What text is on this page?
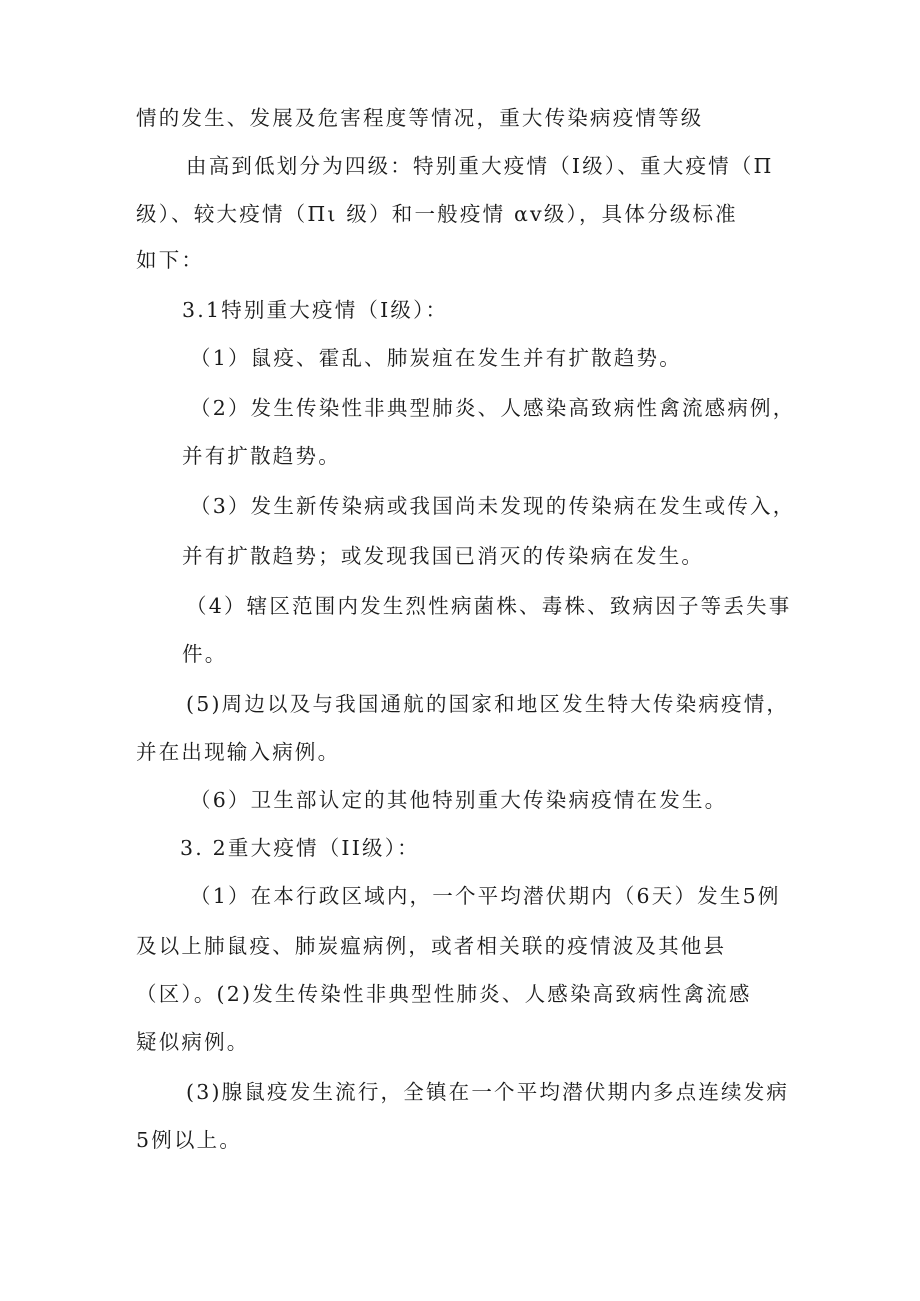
情的发生、发展及危害程度等情况，重大传染病疫情等级
由高到低划分为四级：特别重大疫情（Ⅰ级）、重大疫情（Π
级）、较大疫情（Πι 级）和一般疫情 αv级），具体分级标准
如下：
3.1特别重大疫情（Ⅰ级）：
（1）鼠疫、霍乱、肺炭疽在发生并有扩散趋势。
（2）发生传染性非典型肺炎、人感染高致病性禽流感病例，
并有扩散趋势。
（3）发生新传染病或我国尚未发现的传染病在发生或传入，
并有扩散趋势；或发现我国已消灭的传染病在发生。
（4）辖区范围内发生烈性病菌株、毒株、致病因子等丢失事
件。
(5)周边以及与我国通航的国家和地区发生特大传染病疫情，
并在出现输入病例。
（6）卫生部认定的其他特别重大传染病疫情在发生。
3. 2重大疫情（II级）：
（1）在本行政区域内，一个平均潜伏期内（6天）发生5例
及以上肺鼠疫、肺炭瘟病例，或者相关联的疫情波及其他县
（区）。(2)发生传染性非典型性肺炎、人感染高致病性禽流感
疑似病例。
(3)腺鼠疫发生流行，全镇在一个平均潜伏期内多点连续发病
5例以上。
